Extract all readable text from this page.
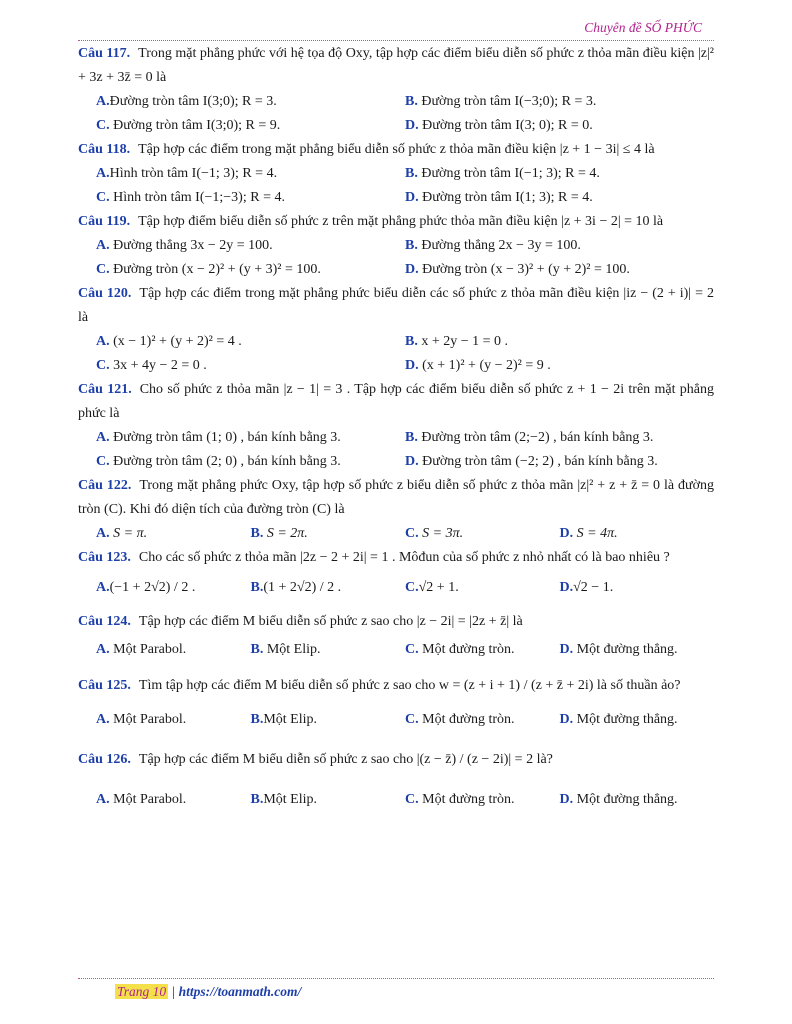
Chuyên đề SỐ PHỨC

Câu 117. Trong mặt phẳng phức với hệ tọa độ Oxy, tập hợp các điểm biểu diễn số phức z thỏa mãn điều kiện |z|² + 3z + 3z̄ = 0 là

A.Đường tròn tâm I(3;0); R = 3.	B. Đường tròn tâm I(−3;0); R = 3.
C. Đường tròn tâm I(3;0); R = 9.	D. Đường tròn tâm I(3; 0); R = 0.

Câu 118. Tập hợp các điểm trong mặt phẳng biểu diễn số phức z thỏa mãn điều kiện |z + 1 − 3i| ≤ 4 là

A.Hình tròn tâm I(−1; 3); R = 4.	B. Đường tròn tâm I(−1; 3); R = 4.
C. Hình tròn tâm I(−1;−3); R = 4.	D. Đường tròn tâm I(1; 3); R = 4.

Câu 119. Tập hợp điểm biểu diễn số phức z trên mặt phẳng phức thỏa mãn điều kiện |z + 3i − 2| = 10 là

A. Đường thẳng 3x − 2y = 100.	B. Đường thẳng 2x − 3y = 100.
C. Đường tròn (x − 2)² + (y + 3)² = 100.	D. Đường tròn (x − 3)² + (y + 2)² = 100.

Câu 120. Tập hợp các điểm trong mặt phẳng phức biểu diễn các số phức z thỏa mãn điều kiện |iz − (2 + i)| = 2 là

A. (x − 1)² + (y + 2)² = 4 .	B. x + 2y − 1 = 0 .
C. 3x + 4y − 2 = 0 .	D. (x + 1)² + (y − 2)² = 9 .

Câu 121. Cho số phức z thỏa mãn |z − 1| = 3 . Tập hợp các điểm biểu diễn số phức z + 1 − 2i trên mặt phẳng phức là

A. Đường tròn tâm (1; 0) , bán kính bằng 3.	B. Đường tròn tâm (2;−2) , bán kính bằng 3.
C. Đường tròn tâm (2; 0) , bán kính bằng 3.	D. Đường tròn tâm (−2; 2) , bán kính bằng 3.

Câu 122. Trong mặt phẳng phức Oxy, tập hợp số phức z biểu diễn số phức z thỏa mãn |z|² + z + z̄ = 0 là đường tròn (C). Khi đó diện tích của đường tròn (C) là

A. S = π.	B. S = 2π.	C. S = 3π.	D. S = 4π.

Câu 123. Cho các số phức z thỏa mãn |2z − 2 + 2i| = 1 . Môđun của số phức z nhỏ nhất có là bao nhiêu ?

A.(−1 + 2√2) / 2 .	B.(1 + 2√2) / 2 .	C.√2 + 1.	D.√2 − 1.

Câu 124. Tập hợp các điểm M biểu diễn số phức z sao cho |z − 2i| = |2z + z̄| là

A. Một Parabol.	B. Một Elip.	C. Một đường tròn.	D. Một đường thẳng.

Câu 125. Tìm tập hợp các điểm M biểu diễn số phức z sao cho w = (z + i + 1) / (z + z̄ + 2i) là số thuần ảo?

A. Một Parabol.	B.Một Elip.	C. Một đường tròn.	D. Một đường thẳng.

Câu 126. Tập hợp các điểm M biểu diễn số phức z sao cho |(z − z̄) / (z − 2i)| = 2 là?

A. Một Parabol.	B.Một Elip.	C. Một đường tròn.	D. Một đường thẳng.
Trang 10 | https://toanmath.com/
